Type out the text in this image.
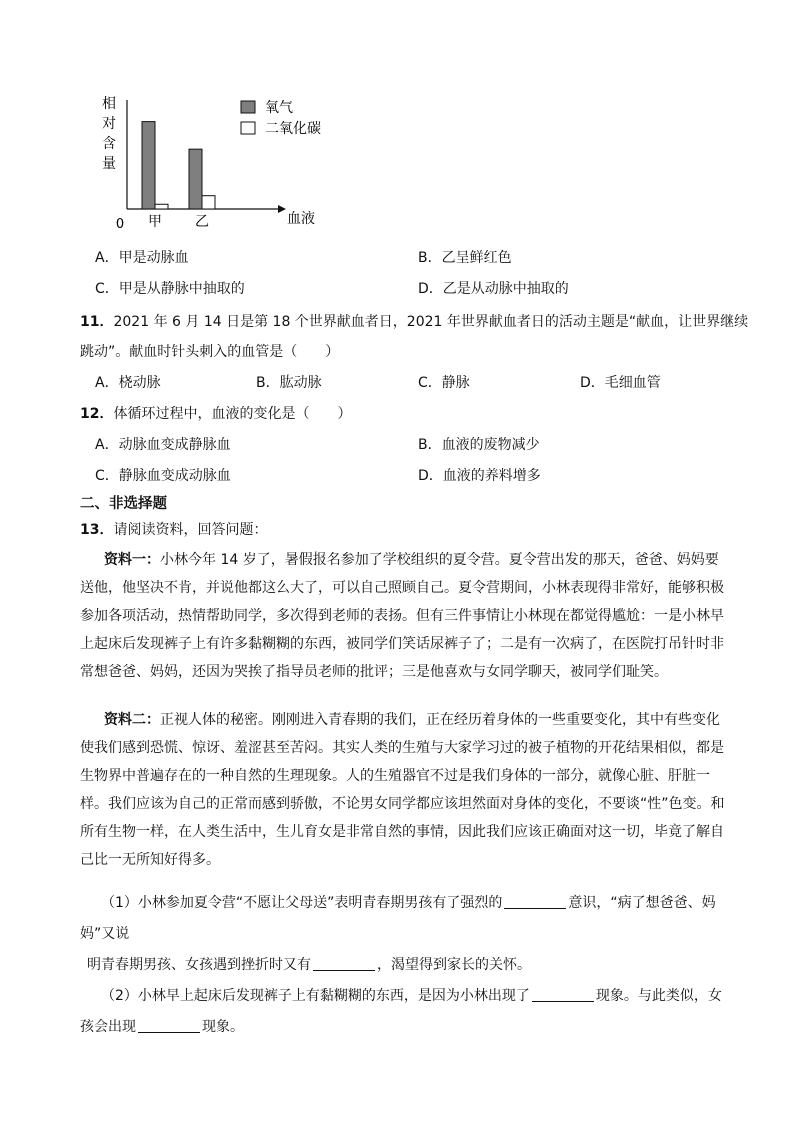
相
对
含
量
0	血液
氧气
二氧化碳
甲 乙
A．甲是动脉血	B．乙呈鲜红色
C．甲是从静脉中抽取的	D．乙是从动脉中抽取的
11．2021 年 6 月 14 日是第 18 个世界献血者日，2021 年世界献血者日的活动主题是“献血，让世界继续
跳动”。献血时针头刺入的血管是（　　）
A．桡动脉	B．肱动脉	C．静脉	D．毛细血管
12．体循环过程中，血液的变化是（　　）
A．动脉血变成静脉血	B．血液的废物减少
C．静脉血变成动脉血	D．血液的养料增多
二、非选择题
13．请阅读资料，回答问题：
资料一：小林今年 14 岁了，暑假报名参加了学校组织的夏令营。夏令营出发的那天，爸爸、妈妈要送他，他坚决不肯，并说他都这么大了，可以自己照顾自己。夏令营期间，小林表现得非常好，能够积极参加各项活动，热情帮助同学，多次得到老师的表扬。但有三件事情让小林现在都觉得尴尬：一是小林早上起床后发现裤子上有许多黏糊糊的东西，被同学们笑话尿裤子了；二是有一次病了，在医院打吊针时非常想爸爸、妈妈，还因为哭挨了指导员老师的批评；三是他喜欢与女同学聊天，被同学们耻笑。
资料二：正视人体的秘密。刚刚进入青春期的我们，正在经历着身体的一些重要变化，其中有些变化使我们感到恐慌、惊讶、羞涩甚至苦闷。其实人类的生殖与大家学习过的被子植物的开花结果相似，都是生物界中普遍存在的一种自然的生理现象。人的生殖器官不过是我们身体的一部分，就像心脏、肝脏一样。我们应该为自己的正常而感到骄傲，不论男女同学都应该坦然面对身体的变化，不要谈“性”色变。和所有生物一样，在人类生活中，生儿育女是非常自然的事情，因此我们应该正确面对这一切，毕竟了解自己比一无所知好得多。
（1）小林参加夏令营“不愿让父母送”表明青春期男孩有了强烈的	意识，“病了想爸爸、妈
妈”又说
明青春期男孩、女孩遇到挫折时又有	，渴望得到家长的关怀。
（2）小林早上起床后发现裤子上有黏糊糊的东西，是因为小林出现了	现象。与此类似，女
孩会出现	现象。
